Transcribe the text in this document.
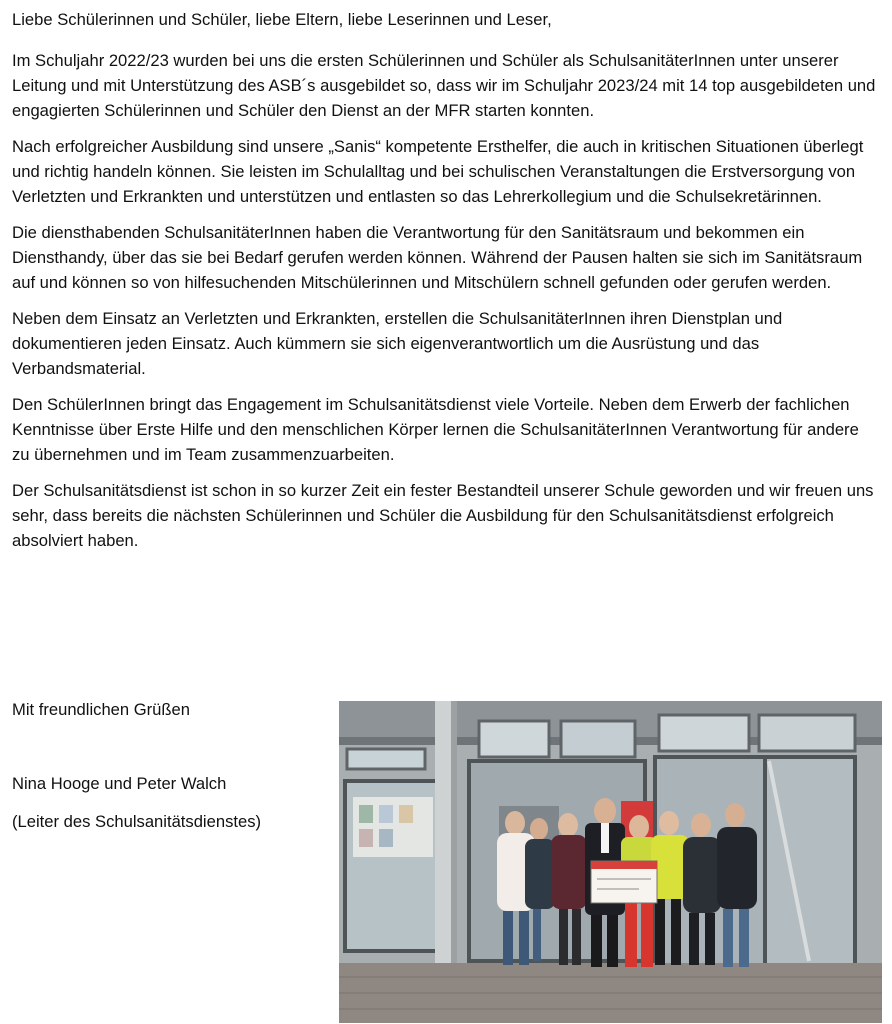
Liebe Schülerinnen und Schüler, liebe Eltern, liebe Leserinnen und Leser,

Im Schuljahr 2022/23 wurden bei uns die ersten Schülerinnen und Schüler als SchulsanitäterInnen unter unserer Leitung und mit Unterstützung des ASB´s ausgebildet so, dass wir im Schuljahr 2023/24 mit 14 top ausgebildeten und engagierten Schülerinnen und Schüler den Dienst an der MFR starten konnten.

Nach erfolgreicher Ausbildung sind unsere „Sanis“ kompetente Ersthelfer, die auch in kritischen Situationen überlegt und richtig handeln können. Sie leisten im Schulalltag und bei schulischen Veranstaltungen die Erstversorgung von Verletzten und Erkrankten und unterstützen und entlasten so das Lehrerkollegium und die Schulsekretärinnen.

Die diensthabenden SchulsanitäterInnen haben die Verantwortung für den Sanitätsraum und bekommen ein Diensthandy, über das sie bei Bedarf gerufen werden können. Während der Pausen halten sie sich im Sanitätsraum auf und können so von hilfesuchenden Mitschülerinnen und Mitschülern schnell gefunden oder gerufen werden.

Neben dem Einsatz an Verletzten und Erkrankten, erstellen die SchulsanitäterInnen ihren Dienstplan und dokumentieren jeden Einsatz. Auch kümmern sie sich eigenverantwortlich um die Ausrüstung und das Verbandsmaterial.

Den SchülerInnen bringt das Engagement im Schulsanitätsdienst viele Vorteile. Neben dem Erwerb der fachlichen Kenntnisse über Erste Hilfe und den menschlichen Körper lernen die SchulsanitäterInnen Verantwortung für andere zu übernehmen und im Team zusammenzuarbeiten.

Der Schulsanitätsdienst ist schon in so kurzer Zeit ein fester Bestandteil unserer Schule geworden und wir freuen uns sehr, dass bereits die nächsten Schülerinnen und Schüler die Ausbildung für den Schulsanitätsdienst erfolgreich absolviert haben.

Mit freundlichen Grüßen

Nina Hooge und Peter Walch

(Leiter des Schulsanitätsdienstes)
